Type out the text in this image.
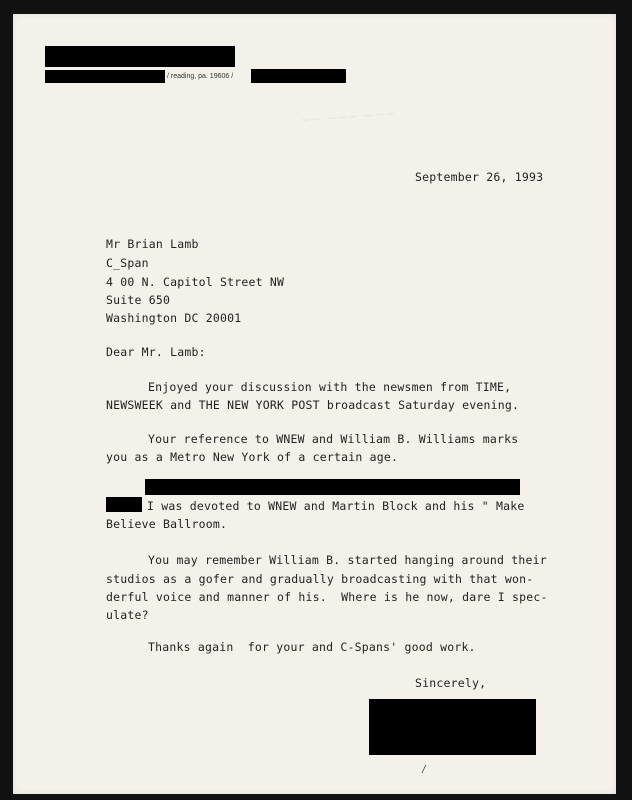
/ reading, pa. 19606 /
~~ ~~~ ~~~
September 26, 1993
Mr Brian Lamb
C_Span
4 00 N. Capitol Street NW
Suite 650
Washington DC 20001
Dear Mr. Lamb:
Enjoyed your discussion with the newsmen from TIME,
NEWSWEEK and THE NEW YORK POST broadcast Saturday evening.
Your reference to WNEW and William B. Williams marks
you as a Metro New York of a certain age.
I was devoted to WNEW and Martin Block and his " Make
Believe Ballroom.
You may remember William B. started hanging around their
studios as a gofer and gradually broadcasting with that won-
derful voice and manner of his.  Where is he now, dare I spec-
ulate?
Thanks again  for your and C-Spans' good work.
Sincerely,
/
